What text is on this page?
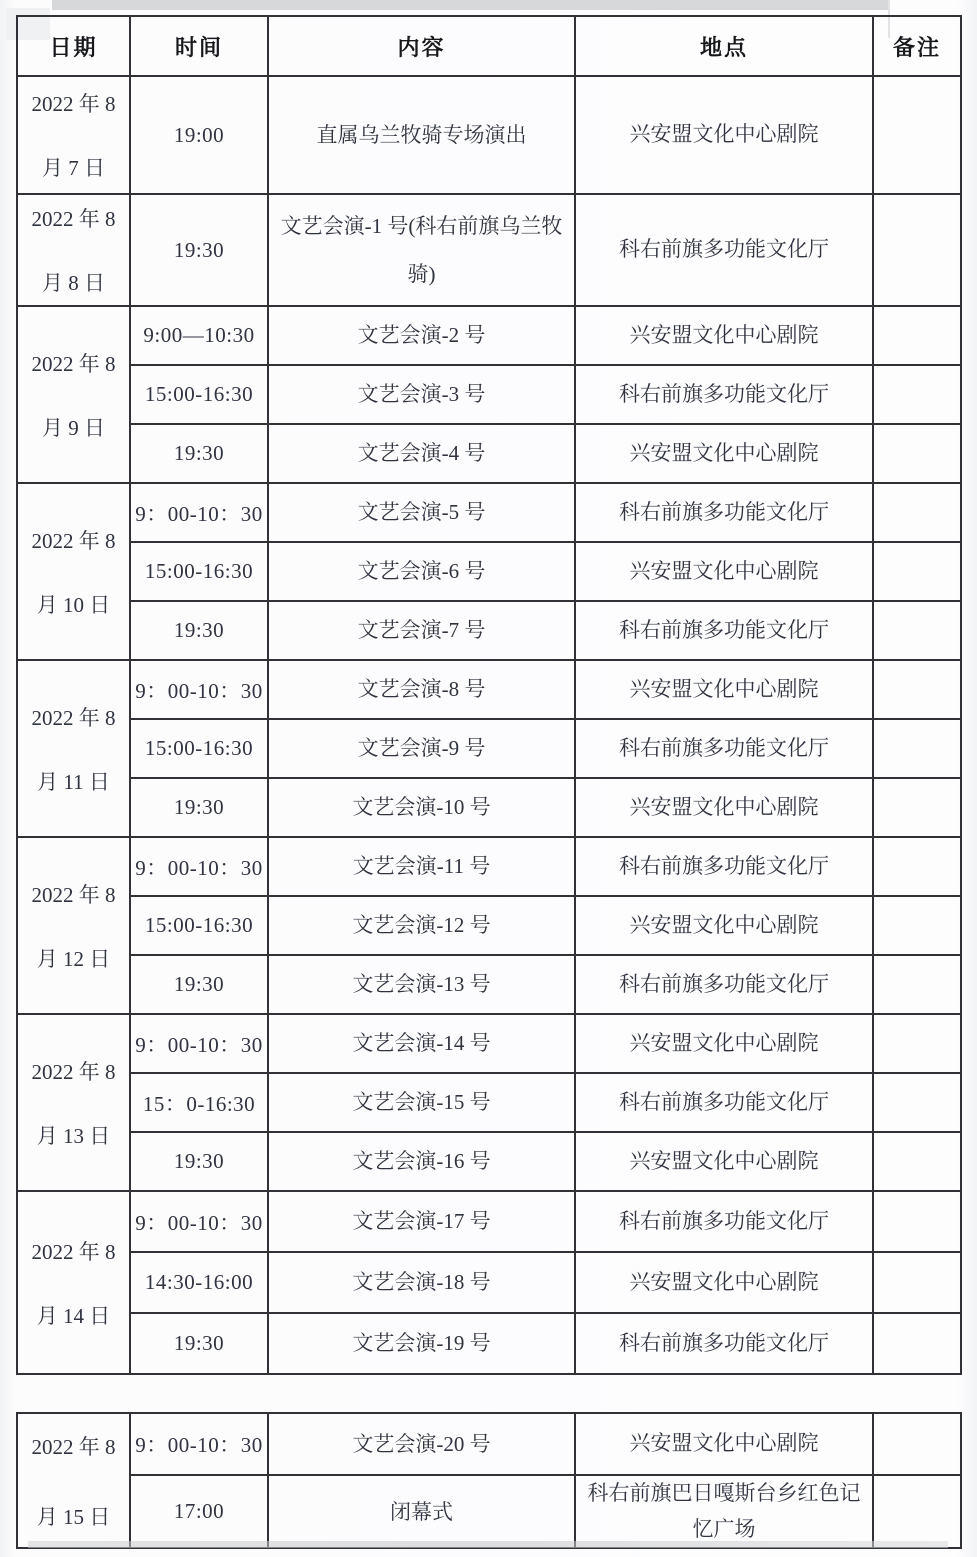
日期	时间	内容	地点	备注

2022 年 8
月 7 日	19:00	直属乌兰牧骑专场演出	兴安盟文化中心剧院	

2022 年 8
月 8 日	19:30	文艺会演-1 号(科右前旗乌兰牧骑)	科右前旗多功能文化厅	

2022 年 8
月 9 日	9:00—10:30	文艺会演-2 号	兴安盟文化中心剧院	
	15:00-16:30	文艺会演-3 号	科右前旗多功能文化厅	
	19:30	文艺会演-4 号	兴安盟文化中心剧院	

2022 年 8
月 10 日	9：00-10：30	文艺会演-5 号	科右前旗多功能文化厅	
	15:00-16:30	文艺会演-6 号	兴安盟文化中心剧院	
	19:30	文艺会演-7 号	科右前旗多功能文化厅	

2022 年 8
月 11 日	9：00-10：30	文艺会演-8 号	兴安盟文化中心剧院	
	15:00-16:30	文艺会演-9 号	科右前旗多功能文化厅	
	19:30	文艺会演-10 号	兴安盟文化中心剧院	

2022 年 8
月 12 日	9：00-10：30	文艺会演-11 号	科右前旗多功能文化厅	
	15:00-16:30	文艺会演-12 号	兴安盟文化中心剧院	
	19:30	文艺会演-13 号	科右前旗多功能文化厅	

2022 年 8
月 13 日	9：00-10：30	文艺会演-14 号	兴安盟文化中心剧院	
	15：0-16:30	文艺会演-15 号	科右前旗多功能文化厅	
	19:30	文艺会演-16 号	兴安盟文化中心剧院	

2022 年 8
月 14 日	9：00-10：30	文艺会演-17 号	科右前旗多功能文化厅	
	14:30-16:00	文艺会演-18 号	兴安盟文化中心剧院	
	19:30	文艺会演-19 号	科右前旗多功能文化厅	
2022 年 8
月 15 日	9：00-10：30	文艺会演-20 号	兴安盟文化中心剧院	
	17:00	闭幕式	科右前旗巴日嘎斯台乡红色记忆广场	
